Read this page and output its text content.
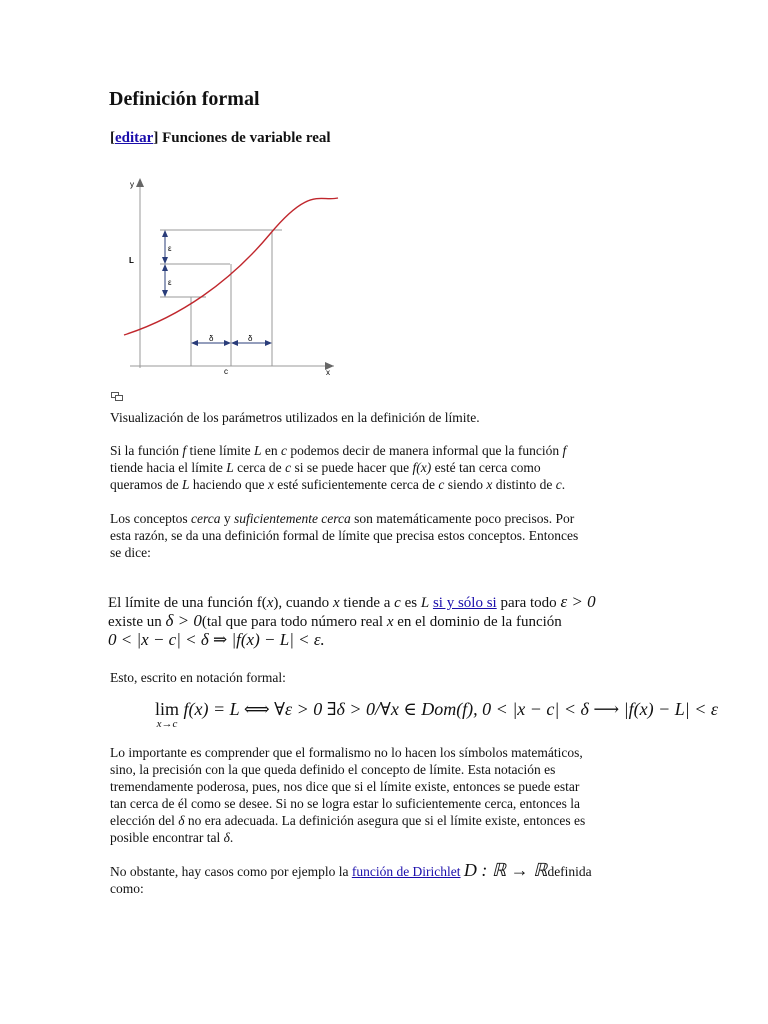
Definición formal
[editar] Funciones de variable real
y
x
L
c
ε
ε
δ	δ
Visualización de los parámetros utilizados en la definición de límite.
Si la función f tiene límite L en c podemos decir de manera informal que la función f
tiende hacia el límite L cerca de c si se puede hacer que f(x) esté tan cerca como
queramos de L haciendo que x esté suficientemente cerca de c siendo x distinto de c.
Los conceptos cerca y suficientemente cerca son matemáticamente poco precisos. Por
esta razón, se da una definición formal de límite que precisa estos conceptos. Entonces
se dice:
El límite de una función f(x), cuando x tiende a c es L si y sólo si para todo ε > 0
existe un δ > 0(tal que para todo número real x en el dominio de la función
0 < |x − c| < δ ⇒ |f(x) − L| < ε.
Esto, escrito en notación formal:
lim
x→c
f(x) = L ⟺ ∀ε > 0 ∃δ > 0/∀x ∈ Dom(f), 0 < |x − c| < δ ⟶ |f(x) − L| < ε
Lo importante es comprender que el formalismo no lo hacen los símbolos matemáticos,
sino, la precisión con la que queda definido el concepto de límite. Esta notación es
tremendamente poderosa, pues, nos dice que si el límite existe, entonces se puede estar
tan cerca de él como se desee. Si no se logra estar lo suficientemente cerca, entonces la
elección del δ no era adecuada. La definición asegura que si el límite existe, entonces es
posible encontrar tal δ.
No obstante, hay casos como por ejemplo la función de Dirichlet D : ℝ → ℝdefinida
como:
